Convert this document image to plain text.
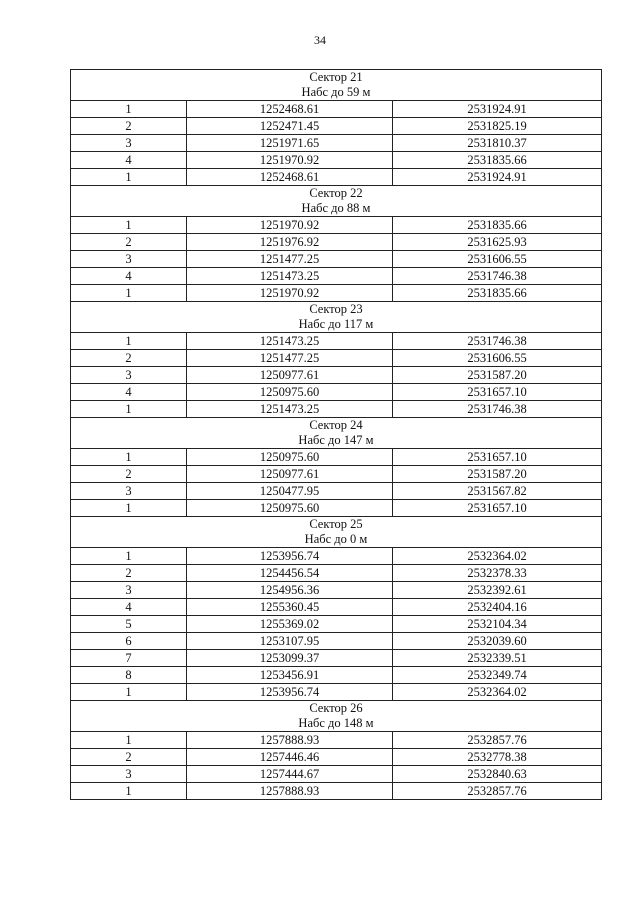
34
Сектор 21
Набс до 59 м		

1	1252468.61	2531924.91
2	1252471.45	2531825.19
3	1251971.65	2531810.37
4	1251970.92	2531835.66
1	1252468.61	2531924.91

Сектор 22
Набс до 88 м		

1	1251970.92	2531835.66
2	1251976.92	2531625.93
3	1251477.25	2531606.55
4	1251473.25	2531746.38
1	1251970.92	2531835.66

Сектор 23
Набс до 117 м		

1	1251473.25	2531746.38
2	1251477.25	2531606.55
3	1250977.61	2531587.20
4	1250975.60	2531657.10
1	1251473.25	2531746.38

Сектор 24
Набс до 147 м		

1	1250975.60	2531657.10
2	1250977.61	2531587.20
3	1250477.95	2531567.82
1	1250975.60	2531657.10

Сектор 25
Набс до 0 м		

1	1253956.74	2532364.02
2	1254456.54	2532378.33
3	1254956.36	2532392.61
4	1255360.45	2532404.16
5	1255369.02	2532104.34
6	1253107.95	2532039.60
7	1253099.37	2532339.51
8	1253456.91	2532349.74
1	1253956.74	2532364.02

Сектор 26
Набс до 148 м		

1	1257888.93	2532857.76
2	1257446.46	2532778.38
3	1257444.67	2532840.63
1	1257888.93	2532857.76
